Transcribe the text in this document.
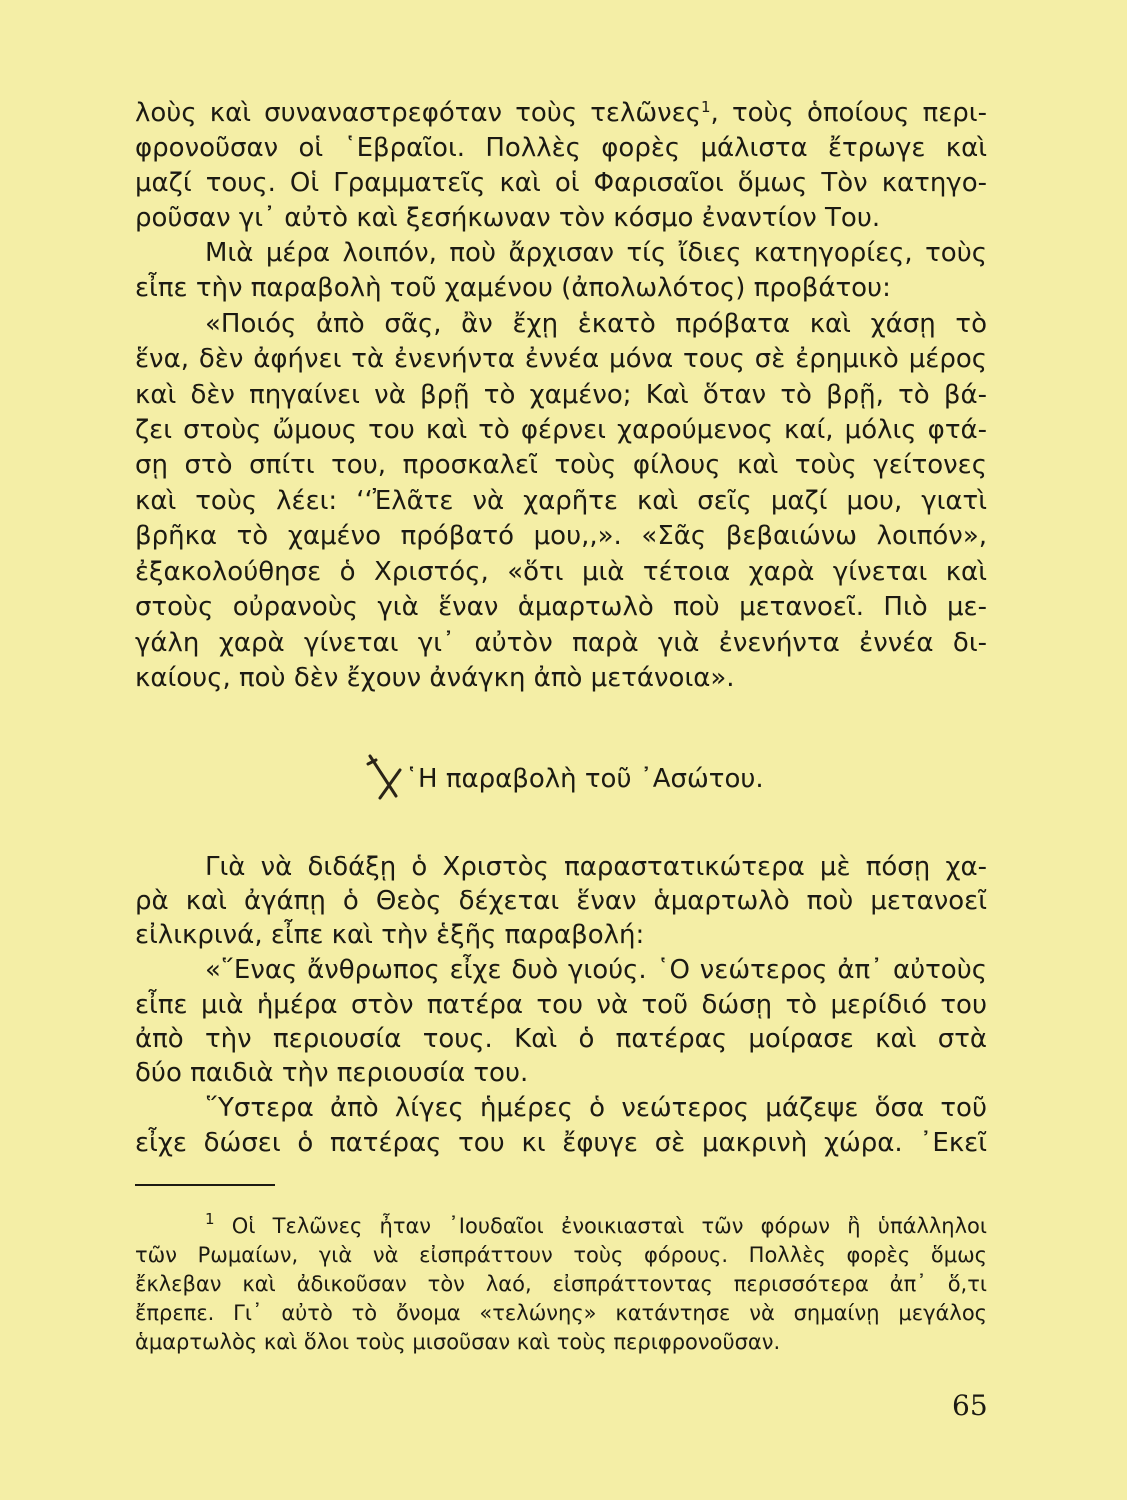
λοὺς καὶ συναναστρεφόταν τοὺς τελῶνες$^1$, τοὺς ὁποίους περι-
φρονοῦσαν οἱ ῾Εβραῖοι. Πολλὲς φορὲς μάλιστα ἔτρωγε καὶ
μαζί τους. Οἱ Γραμματεῖς καὶ οἱ Φαρισαῖοι ὅμως Τὸν κατηγο-
ροῦσαν γι᾿ αὐτὸ καὶ ξεσήκωναν τὸν κόσμο ἐναντίον Του.
Μιὰ μέρα λοιπόν, ποὺ ἄρχισαν τίς ἴδιες κατηγορίες, τοὺς
εἶπε τὴν παραβολὴ τοῦ χαμένου (ἀπολωλότος) προβάτου:
«Ποιός ἀπὸ σᾶς, ἂν ἔχῃ ἑκατὸ πρόβατα καὶ χάσῃ τὸ
ἕνα, δὲν ἀφήνει τὰ ἐνενήντα ἐννέα μόνα τους σὲ ἐρημικὸ μέρος
καὶ δὲν πηγαίνει νὰ βρῇ τὸ χαμένο; Καὶ ὅταν τὸ βρῇ, τὸ βά-
ζει στοὺς ὤμους του καὶ τὸ φέρνει χαρούμενος καί, μόλις φτά-
σῃ στὸ σπίτι του, προσκαλεῖ τοὺς φίλους καὶ τοὺς γείτονες
καὶ τοὺς λέει: ‘‘Ἐλᾶτε νὰ χαρῆτε καὶ σεῖς μαζί μου, γιατὶ
βρῆκα τὸ χαμένο πρόβατό μου,,». «Σᾶς βεβαιώνω λοιπόν»,
ἐξακολούθησε ὁ Χριστός, «ὅτι μιὰ τέτοια χαρὰ γίνεται καὶ
στοὺς οὐρανοὺς γιὰ ἕναν ἁμαρτωλὸ ποὺ μετανοεῖ. Πιὸ με-
γάλη χαρὰ γίνεται γι᾿ αὐτὸν παρὰ γιὰ ἐνενήντα ἐννέα δι-
καίους, ποὺ δὲν ἔχουν ἀνάγκη ἀπὸ μετάνοια».
῾Η παραβολὴ τοῦ ᾿Ασώτου.
Γιὰ νὰ διδάξῃ ὁ Χριστὸς παραστατικώτερα μὲ πόσῃ χα-
ρὰ καὶ ἀγάπῃ ὁ Θεὸς δέχεται ἕναν ἁμαρτωλὸ ποὺ μετανοεῖ
εἰλικρινά, εἶπε καὶ τὴν ἑξῆς παραβολή:
«῞Ενας ἄνθρωπος εἶχε δυὸ γιούς. ῾Ο νεώτερος ἀπ᾿ αὐτοὺς
εἶπε μιὰ ἡμέρα στὸν πατέρα του νὰ τοῦ δώσῃ τὸ μερίδιό του
ἀπὸ τὴν περιουσία τους. Καὶ ὁ πατέρας μοίρασε καὶ στὰ
δύο παιδιὰ τὴν περιουσία του.
῞Υστερα ἀπὸ λίγες ἡμέρες ὁ νεώτερος μάζεψε ὅσα τοῦ
εἶχε δώσει ὁ πατέρας του κι ἔφυγε σὲ μακρινὴ χώρα. ᾿Εκεῖ
$^1$ Οἱ Τελῶνες ἦταν ᾿Ιουδαῖοι ἐνοικιασταὶ τῶν φόρων ἢ ὑπάλληλοι
τῶν Ρωμαίων, γιὰ νὰ εἰσπράττουν τοὺς φόρους. Πολλὲς φορὲς ὅμως
ἔκλεβαν καὶ ἀδικοῦσαν τὸν λαό, εἰσπράττοντας περισσότερα ἀπ᾿ ὅ,τι
ἔπρεπε. Γι᾿ αὐτὸ τὸ ὄνομα «τελώνης» κατάντησε νὰ σημαίνῃ μεγάλος
ἁμαρτωλὸς καὶ ὅλοι τοὺς μισοῦσαν καὶ τοὺς περιφρονοῦσαν.
65
